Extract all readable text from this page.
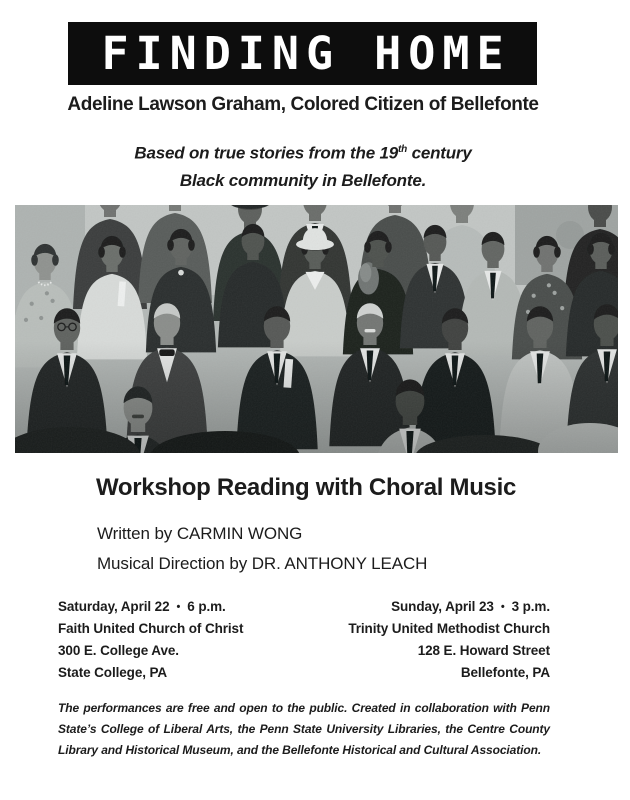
FINDING HOME
Adeline Lawson Graham, Colored Citizen of Bellefonte
Based on true stories from the 19th century
Black community in Bellefonte.
Workshop Reading with Choral Music
Written by CARMIN WONG
Musical Direction by DR. ANTHONY LEACH
Saturday, April 22 • 6 p.m.
Faith United Church of Christ
300 E. College Ave.
State College, PA
Sunday, April 23 • 3 p.m.
Trinity United Methodist Church
128 E. Howard Street
Bellefonte, PA
The performances are free and open to the public. Created in collaboration with Penn
State’s College of Liberal Arts, the Penn State University Libraries, the Centre County
Library and Historical Museum, and the Bellefonte Historical and Cultural Association.
